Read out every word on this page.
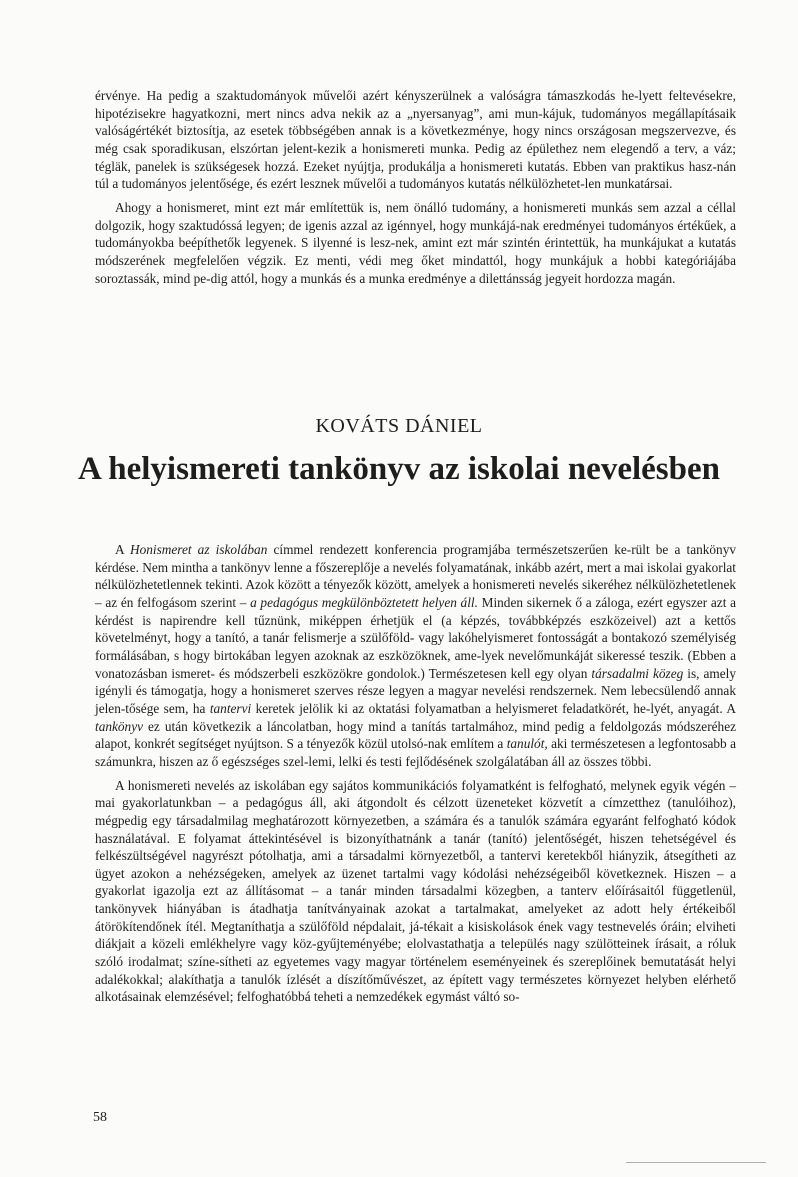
érvénye. Ha pedig a szaktudományok művelői azért kényszerülnek a valóságra támaszkodás he-lyett feltevésekre, hipotézisekre hagyatkozni, mert nincs adva nekik az a „nyersanyag”, ami mun-kájuk, tudományos megállapításaik valóságértékét biztosítja, az esetek többségében annak is a következménye, hogy nincs országosan megszervezve, és még csak sporadikusan, elszórtan jelent-kezik a honismereti munka. Pedig az épülethez nem elegendő a terv, a váz; tégläk, panelek is szükségesek hozzá. Ezeket nyújtja, produkálja a honismereti kutatás. Ebben van praktikus hasz-nán túl a tudományos jelentősége, és ezért lesznek művelői a tudományos kutatás nélkülözhetet-len munkatársai.

Ahogy a honismeret, mint ezt már említettük is, nem önálló tudomány, a honismereti munkás sem azzal a céllal dolgozik, hogy szaktudóssá legyen; de igenis azzal az igénnyel, hogy munkájá-nak eredményei tudományos értékűek, a tudományokba beépíthetők legyenek. S ilyenné is lesz-nek, amint ezt már szintén érintettük, ha munkájukat a kutatás módszerének megfelelően végzik. Ez menti, védi meg őket mindattól, hogy munkájuk a hobbi kategóriájába soroztassák, mind pe-dig attól, hogy a munkás és a munka eredménye a dilettánsság jegyeit hordozza magán.

KOVÁTS DÁNIEL
A helyismereti tankönyv az iskolai nevelésben

A Honismeret az iskolában címmel rendezett konferencia programjába természetszerűen ke-rült be a tankönyv kérdése. Nem mintha a tankönyv lenne a főszereplője a nevelés folyamatának, inkább azért, mert a mai iskolai gyakorlat nélkülözhetetlennek tekinti. Azok között a tényezők között, amelyek a honismereti nevelés sikeréhez nélkülözhetetlenek – az én felfogásom szerint – a pedagógus megkülönböztetett helyen áll. Minden sikernek ő a záloga, ezért egyszer azt a kérdést is napirendre kell tűznünk, miképpen érhetjük el (a képzés, továbbképzés eszközeivel) azt a kettős követelményt, hogy a tanító, a tanár felismerje a szülőföld- vagy lakóhelyismeret fontosságát a bontakozó személyiség formálásában, s hogy birtokában legyen azoknak az eszközöknek, ame-lyek nevelőmunkáját sikeressé teszik. (Ebben a vonatozásban ismeret- és módszerbeli eszközökre gondolok.) Természetesen kell egy olyan társadalmi közeg is, amely igényli és támogatja, hogy a honismeret szerves része legyen a magyar nevelési rendszernek. Nem lebecsülendő annak jelen-tősége sem, ha tantervi keretek jelölik ki az oktatási folyamatban a helyismeret feladatkörét, he-lyét, anyagát. A tankönyv ez után következik a láncolatban, hogy mind a tanítás tartalmához, mind pedig a feldolgozás módszeréhez alapot, konkrét segítséget nyújtson. S a tényezők közül utolsó-nak említem a tanulót, aki természetesen a legfontosabb a számunkra, hiszen az ő egészséges szel-lemi, lelki és testi fejlődésének szolgálatában áll az összes többi.

A honismereti nevelés az iskolában egy sajátos kommunikációs folyamatként is felfogható, melynek egyik végén – mai gyakorlatunkban – a pedagógus áll, aki átgondolt és célzott üzeneteket közvetít a címzetthez (tanulóihoz), mégpedig egy társadalmilag meghatározott környezetben, a számára és a tanulók számára egyaránt felfogható kódok használatával. E folyamat áttekintésével is bizonyíthatnánk a tanár (tanító) jelentőségét, hiszen tehetségével és felkészültségével nagyrészt pótolhatja, ami a társadalmi környezetből, a tantervi keretekből hiányzik, átsegítheti az ügyet azokon a nehézségeken, amelyek az üzenet tartalmi vagy kódolási nehézségeiből következnek. Hiszen – a gyakorlat igazolja ezt az állításomat – a tanár minden társadalmi közegben, a tanterv előírásaitól függetlenül, tankönyvek hiányában is átadhatja tanítványainak azokat a tartalmakat, amelyeket az adott hely értékeiből átörökítendőnek ítél. Megtaníthatja a szülőföld népdalait, já-tékait a kisiskolások ének vagy testnevelés óráin; elviheti diákjait a közeli emlékhelyre vagy köz-gyűjteményébe; elolvastathatja a település nagy szülötteinek írásait, a róluk szóló irodalmat; színe-sítheti az egyetemes vagy magyar történelem eseményeinek és szereplőinek bemutatását helyi adalékokkal; alakíthatja a tanulók ízlését a díszítőművészet, az épített vagy természetes környezet helyben elérhető alkotásainak elemzésével; felfoghatóbbá teheti a nemzedékek egymást váltó so-

58
